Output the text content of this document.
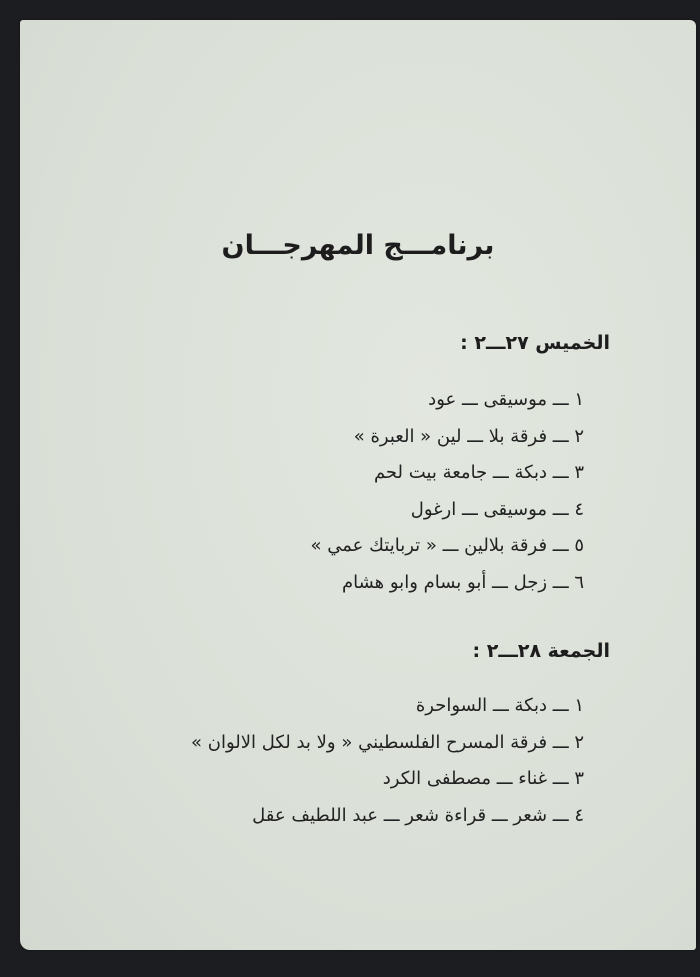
برنامـــج المهرجـــان
الخميس ٢٧ـــ٢ :
١ ـــ موسيقى ـــ عود
٢ ـــ فرقة بلا ـــ لين « العبرة »
٣ ـــ دبكة ـــ جامعة بيت لحم
٤ ـــ موسيقى ـــ ارغول
٥ ـــ فرقة بلالين ـــ « تربايتك عمي »
٦ ـــ زجل ـــ أبو بسام وابو هشام
الجمعة ٢٨ـــ٢ :
١ ـــ دبكة ـــ السواحرة
٢ ـــ فرقة المسرح الفلسطيني « ولا بد لكل الالوان »
٣ ـــ غناء ـــ مصطفى الكرد
٤ ـــ شعر ـــ قراءة شعر ـــ عبد اللطيف عقل
